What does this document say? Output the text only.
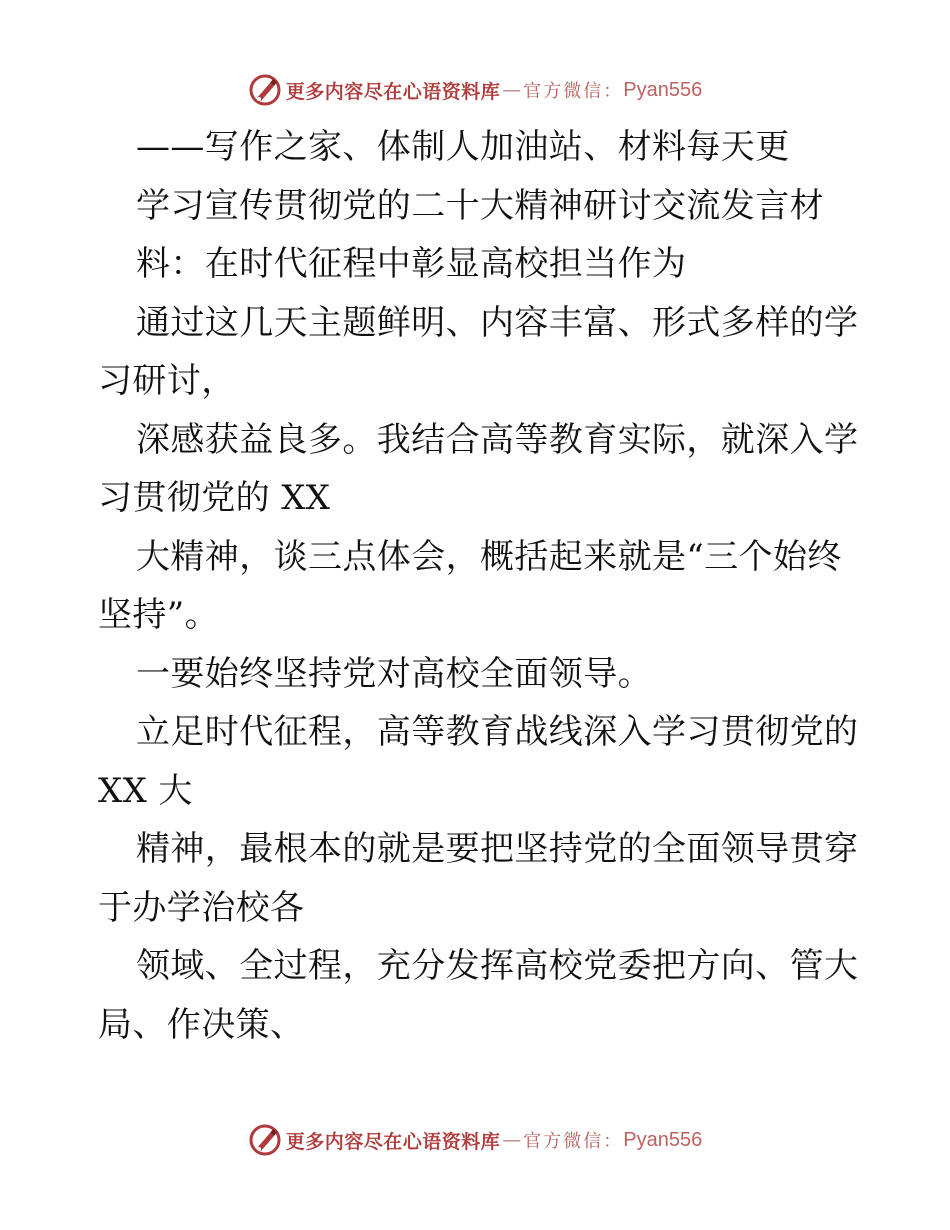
更多内容尽在心语资料库 — 官方微信： Pyan556
——写作之家、体制人加油站、材料每天更
学习宣传贯彻党的二十大精神研讨交流发言材
料：在时代征程中彰显高校担当作为
通过这几天主题鲜明、内容丰富、形式多样的学
习研讨，
深感获益良多。我结合高等教育实际，就深入学
习贯彻党的 XX
大精神，谈三点体会，概括起来就是“三个始终
坚持”。
一要始终坚持党对高校全面领导。
立足时代征程，高等教育战线深入学习贯彻党的
XX 大
精神，最根本的就是要把坚持党的全面领导贯穿
于办学治校各
领域、全过程，充分发挥高校党委把方向、管大
局、作决策、
更多内容尽在心语资料库 — 官方微信： Pyan556
